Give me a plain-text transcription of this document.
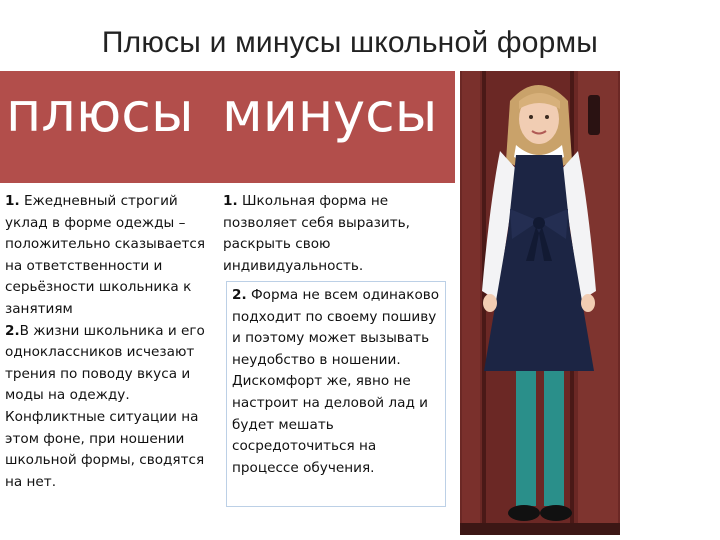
Плюсы и минусы школьной формы
плюсы минусы

1. Ежедневный строгий уклад в форме одежды – положительно сказывается на ответственности и серьёзности школьника к занятиям

2.В жизни школьника и его одноклассников исчезают трения по поводу вкуса и моды на одежду. Конфликтные ситуации на этом фоне, при ношении школьной формы, сводятся на нет.

1. Школьная форма не позволяет себя выразить, раскрыть свою индивидуальность.

2. Форма не всем одинаково подходит по своему пошиву и поэтому может вызывать неудобство в ношении. Дискомфорт же, явно не настроит на деловой лад и будет мешать сосредоточиться на процессе обучения.
